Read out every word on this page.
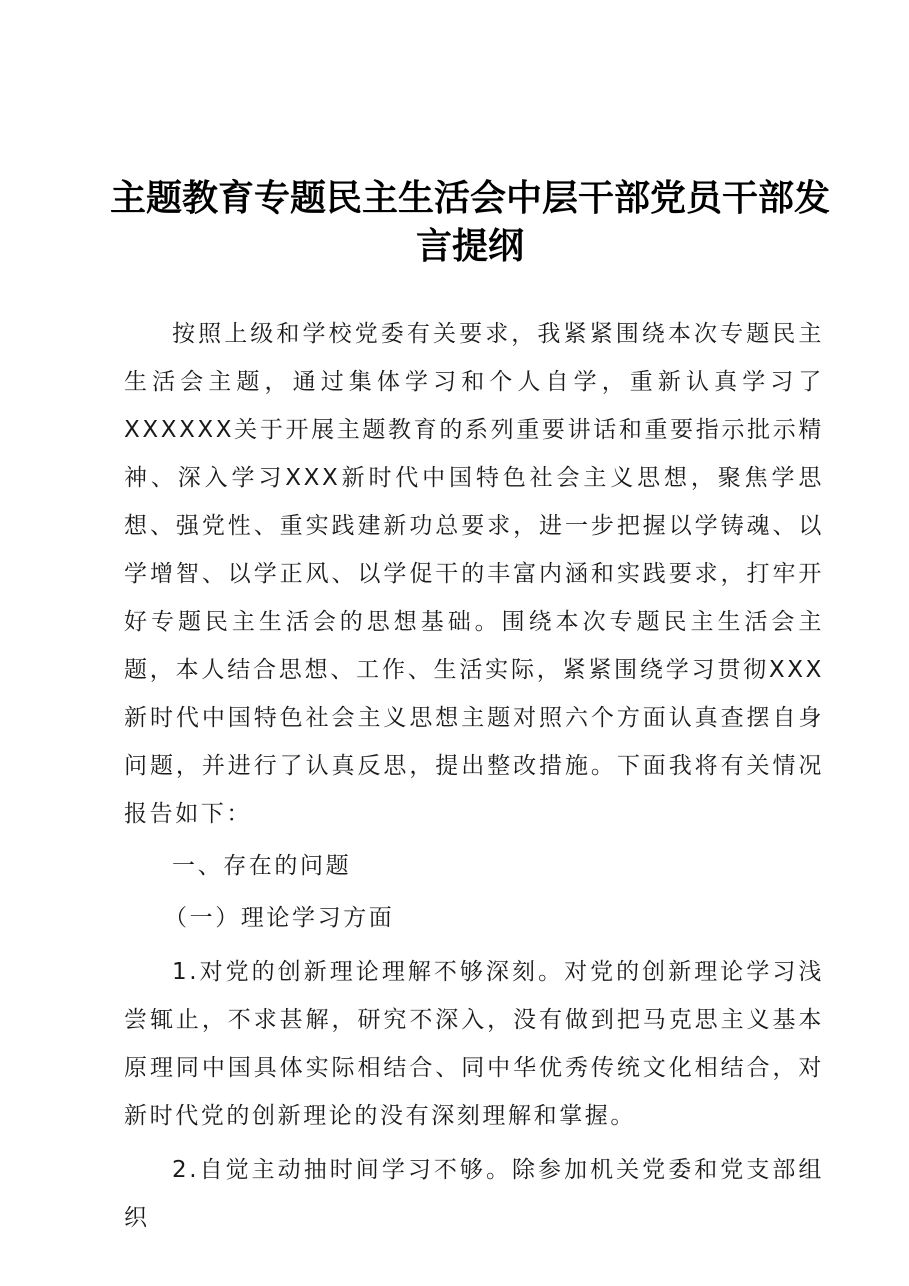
主题教育专题民主生活会中层干部党员干部发言提纲

按照上级和学校党委有关要求，我紧紧围绕本次专题民主生活会主题，通过集体学习和个人自学，重新认真学习了XXXXXX关于开展主题教育的系列重要讲话和重要指示批示精神、深入学习XXX新时代中国特色社会主义思想，聚焦学思想、强党性、重实践建新功总要求，进一步把握以学铸魂、以学增智、以学正风、以学促干的丰富内涵和实践要求，打牢开好专题民主生活会的思想基础。围绕本次专题民主生活会主题，本人结合思想、工作、生活实际，紧紧围绕学习贯彻XXX新时代中国特色社会主义思想主题对照六个方面认真查摆自身问题，并进行了认真反思，提出整改措施。下面我将有关情况报告如下：

一、存在的问题

（一）理论学习方面

1.对党的创新理论理解不够深刻。对党的创新理论学习浅尝辄止，不求甚解，研究不深入，没有做到把马克思主义基本原理同中国具体实际相结合、同中华优秀传统文化相结合，对新时代党的创新理论的没有深刻理解和掌握。

2.自觉主动抽时间学习不够。除参加机关党委和党支部组织
